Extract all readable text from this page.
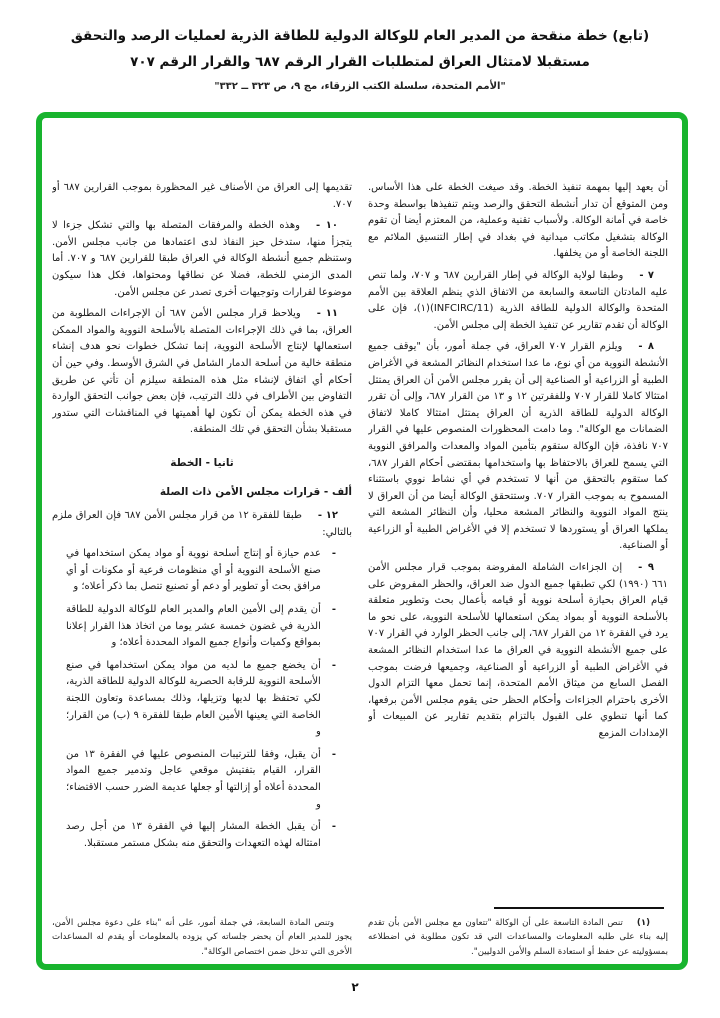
(تابع) خطة منقحة من المدير العام للوكالة الدولية للطاقة الذرية لعمليات الرصد والتحقق
مستقبلا لامتثال العراق لمتطلبات القرار الرقم ٦٨٧ والقرار الرقم ٧٠٧
"الأمم المتحدة، سلسلة الكتب الزرقاء، مج ٩، ص ٣٢٣ ــ ٣٣٢"

أن يعهد إليها بمهمة تنفيذ الخطة. وقد صيغت الخطة على هذا الأساس. ومن المتوقع أن تدار أنشطة التحقق والرصد ويتم تنفيذها بواسطة وحدة خاصة في أمانة الوكالة. ولأسباب تقنية وعملية، من المعتزم أيضا أن تقوم الوكالة بتشغيل مكاتب ميدانية في بغداد في إطار التنسيق الملائم مع اللجنة الخاصة أو من يخلفها.

٧ -وطبقا لولاية الوكالة في إطار القرارين ٦٨٧ و ٧٠٧، ولما تنص عليه المادتان التاسعة والسابعة من الاتفاق الذي ينظم العلاقة بين الأمم المتحدة والوكالة الدولية للطاقة الذرية (INFCIRC/11)(١)، فإن على الوكالة أن تقدم تقارير عن تنفيذ الخطة إلى مجلس الأمن.

٨ -ويلزم القرار ٧٠٧ العراق، في جملة أمور، بأن "يوقف جميع الأنشطة النووية من أي نوع، ما عدا استخدام النظائر المشعة في الأغراض الطبية أو الزراعية أو الصناعية إلى أن يقرر مجلس الأمن أن العراق يمتثل امتثالا كاملا للقرار ٧٠٧ وللفقرتين ١٢ و ١٣ من القرار ٦٨٧، وإلى أن تقرر الوكالة الدولية للطاقة الذرية أن العراق يمتثل امتثالا كاملا لاتفاق الضمانات مع الوكالة". وما دامت المحظورات المنصوص عليها في القرار ٧٠٧ نافذة، فإن الوكالة ستقوم بتأمين المواد والمعدات والمرافق النووية التي يسمح للعراق بالاحتفاظ بها واستخدامها بمقتضى أحكام القرار ٦٨٧، كما ستقوم بالتحقق من أنها لا تستخدم في أي نشاط نووي باستثناء المسموح به بموجب القرار ٧٠٧. وستتحقق الوكالة أيضا من أن العراق لا ينتج المواد النووية والنظائر المشعة محليا، وأن النظائر المشعة التي يملكها العراق أو يستوردها لا تستخدم إلا في الأغراض الطبية أو الزراعية أو الصناعية.

٩ -إن الجزاءات الشاملة المفروضة بموجب قرار مجلس الأمن ٦٦١ (١٩٩٠) لكي تطبقها جميع الدول ضد العراق، والحظر المفروض على قيام العراق بحيازة أسلحة نووية أو قيامه بأعمال بحث وتطوير متعلقة بالأسلحة النووية أو بمواد يمكن استعمالها للأسلحة النووية، على نحو ما يرد في الفقرة ١٢ من القرار ٦٨٧، إلى جانب الحظر الوارد في القرار ٧٠٧ على جميع الأنشطة النووية في العراق ما عدا استخدام النظائر المشعة في الأغراض الطبية أو الزراعية أو الصناعية، وجميعها فرضت بموجب الفصل السابع من ميثاق الأمم المتحدة، إنما تحمل معها التزام الدول الأخرى باحترام الجزاءات وأحكام الحظر حتى يقوم مجلس الأمن برفعها، كما أنها تنطوي على القبول بالتزام بتقديم تقارير عن المبيعات أو الإمدادات المزمع

(١)تنص المادة التاسعة على أن الوكالة "تتعاون مع مجلس الأمن بأن تقدم إليه بناء على طلبه المعلومات والمساعدات التي قد تكون مطلوبة في اضطلاعه بمسؤوليته عن حفظ أو استعادة السلم والأمن الدوليين".

تقديمها إلى العراق من الأصناف غير المحظورة بموجب القرارين ٦٨٧ أو ٧٠٧.

١٠ -وهذه الخطة والمرفقات المتصلة بها والتي تشكل جزءا لا يتجزأ منها، ستدخل حيز النفاذ لدى اعتمادها من جانب مجلس الأمن. وستنظم جميع أنشطة الوكالة في العراق طبقا للقرارين ٦٨٧ و ٧٠٧. أما المدى الزمني للخطة، فضلا عن نطاقها ومحتواها، فكل هذا سيكون موضوعا لقرارات وتوجيهات أخرى تصدر عن مجلس الأمن.

١١ -ويلاحظ قرار مجلس الأمن ٦٨٧ أن الإجراءات المطلوبة من العراق، بما في ذلك الإجراءات المتصلة بالأسلحة النووية والمواد الممكن استعمالها لإنتاج الأسلحة النووية، إنما تشكل خطوات نحو هدف إنشاء منطقة خالية من أسلحة الدمار الشامل في الشرق الأوسط. وفي حين أن أحكام أي اتفاق لإنشاء مثل هذه المنطقة سيلزم أن تأتي عن طريق التفاوض بين الأطراف في ذلك الترتيب، فإن بعض جوانب التحقق الواردة في هذه الخطة يمكن أن تكون لها أهميتها في المناقشات التي ستدور مستقبلا بشأن التحقق في تلك المنطقة.

ثانيا - الخطة
ألف - قرارات مجلس الأمن ذات الصلة

١٢ -طبقا للفقرة ١٢ من قرار مجلس الأمن ٦٨٧ فإن العراق ملزم بالتالي:

-

عدم حيازة أو إنتاج أسلحة نووية أو مواد يمكن استخدامها في صنع الأسلحة النووية أو أي منظومات فرعية أو مكونات أو أي مرافق بحث أو تطوير أو دعم أو تصنيع تتصل بما ذكر أعلاه؛ و

-

أن يقدم إلى الأمين العام والمدير العام للوكالة الدولية للطاقة الذرية في غضون خمسة عشر يوما من اتخاذ هذا القرار إعلانا بمواقع وكميات وأنواع جميع المواد المحددة أعلاه؛ و

-

أن يخضع جميع ما لديه من مواد يمكن استخدامها في صنع الأسلحة النووية للرقابة الحصرية للوكالة الدولية للطاقة الذرية، لكي تحتفظ بها لديها وتزيلها، وذلك بمساعدة وتعاون اللجنة الخاصة التي يعينها الأمين العام طبقا للفقرة ٩ (ب) من القرار؛ و

-

أن يقبل، وفقا للترتيبات المنصوص عليها في الفقرة ١٣ من القرار، القيام بتفتيش موقعي عاجل وتدمير جميع المواد المحددة أعلاه أو إزالتها أو جعلها عديمة الضرر حسب الاقتضاء؛ و

-

أن يقبل الخطة المشار إليها في الفقرة ١٣ من أجل رصد امتثاله لهذه التعهدات والتحقق منه بشكل مستمر مستقبلا.

وتنص المادة السابعة، في جملة أمور، على أنه "بناء على دعوة مجلس الأمن، يجوز للمدير العام أن يحضر جلساته كي يزوده بالمعلومات أو يقدم له المساعدات الأخرى التي تدخل ضمن اختصاص الوكالة".

٢
